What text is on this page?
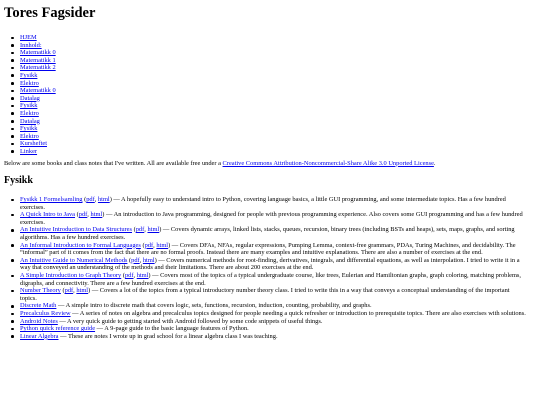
Tores Fagsider
HJEM
Innhold:
Matematikk 0
Matematikk 1
Matematikk 2
Fysikk
Elektro
Matematikk 0
Datalag
Fysikk
Elektro
Datalag
Fysikk
Elektro
Kursheftet
Linker

Below are some books and class notes that I've written. All are available free under a Creative Commons Attribution-Noncommercial-Share Alike 3.0 Unported License.

Fysikk
Fysikk 1 Formelsamling (pdf, html) — A hopefully easy to understand intro to Python, covering language basics, a little GUI programming, and some intermediate topics. Has a few hundred exercises.
A Quick Intro to Java (pdf, html) — An introduction to Java programming, designed for people with previous programming experience. Also covers some GUI programming and has a few hundred exercises.
An Intuitive Introduction to Data Structures (pdf, html) — Covers dynamic arrays, linked lists, stacks, queues, recursion, binary trees (including BSTs and heaps), sets, maps, graphs, and sorting algorithms. Has a few hundred exercises.
An Informal Introduction to Formal Languages (pdf, html) — Covers DFAs, NFAs, regular expressions, Pumping Lemma, context-free grammars, PDAs, Turing Machines, and decidability. The “informal” part of it comes from the fact that there are no formal proofs. Instead there are many examples and intuitive explanations. There are also a number of exercises at the end.
An Intuitive Guide to Numerical Methods (pdf, html) — Covers numerical methods for root-finding, derivatives, integrals, and differential equations, as well as interpolation. I tried to write it in a way that conveyed an understanding of the methods and their limitations. There are about 200 exercises at the end.
A Simple Introduction to Graph Theory (pdf, html) — Covers most of the topics of a typical undergraduate course, like trees, Eulerian and Hamiltonian graphs, graph coloring, matching problems, digraphs, and connectivity. There are a few hundred exercises at the end.
Number Theory (pdf, html) — Covers a lot of the topics from a typical introductory number theory class. I tried to write this in a way that conveys a conceptual understanding of the important topics.
Discrete Math — A simple intro to discrete math that covers logic, sets, functions, recursion, induction, counting, probability, and graphs.
Precalculus Review — A series of notes on algebra and precalculus topics designed for people needing a quick refresher or introduction to prerequisite topics. There are also exercises with solutions.
Android Notes — A very quick guide to getting started with Android followed by some code snippets of useful things.
Python quick reference guide — A 9-page guide to the basic language features of Python.
Linear Algebra — These are notes I wrote up in grad school for a linear algebra class I was teaching.
